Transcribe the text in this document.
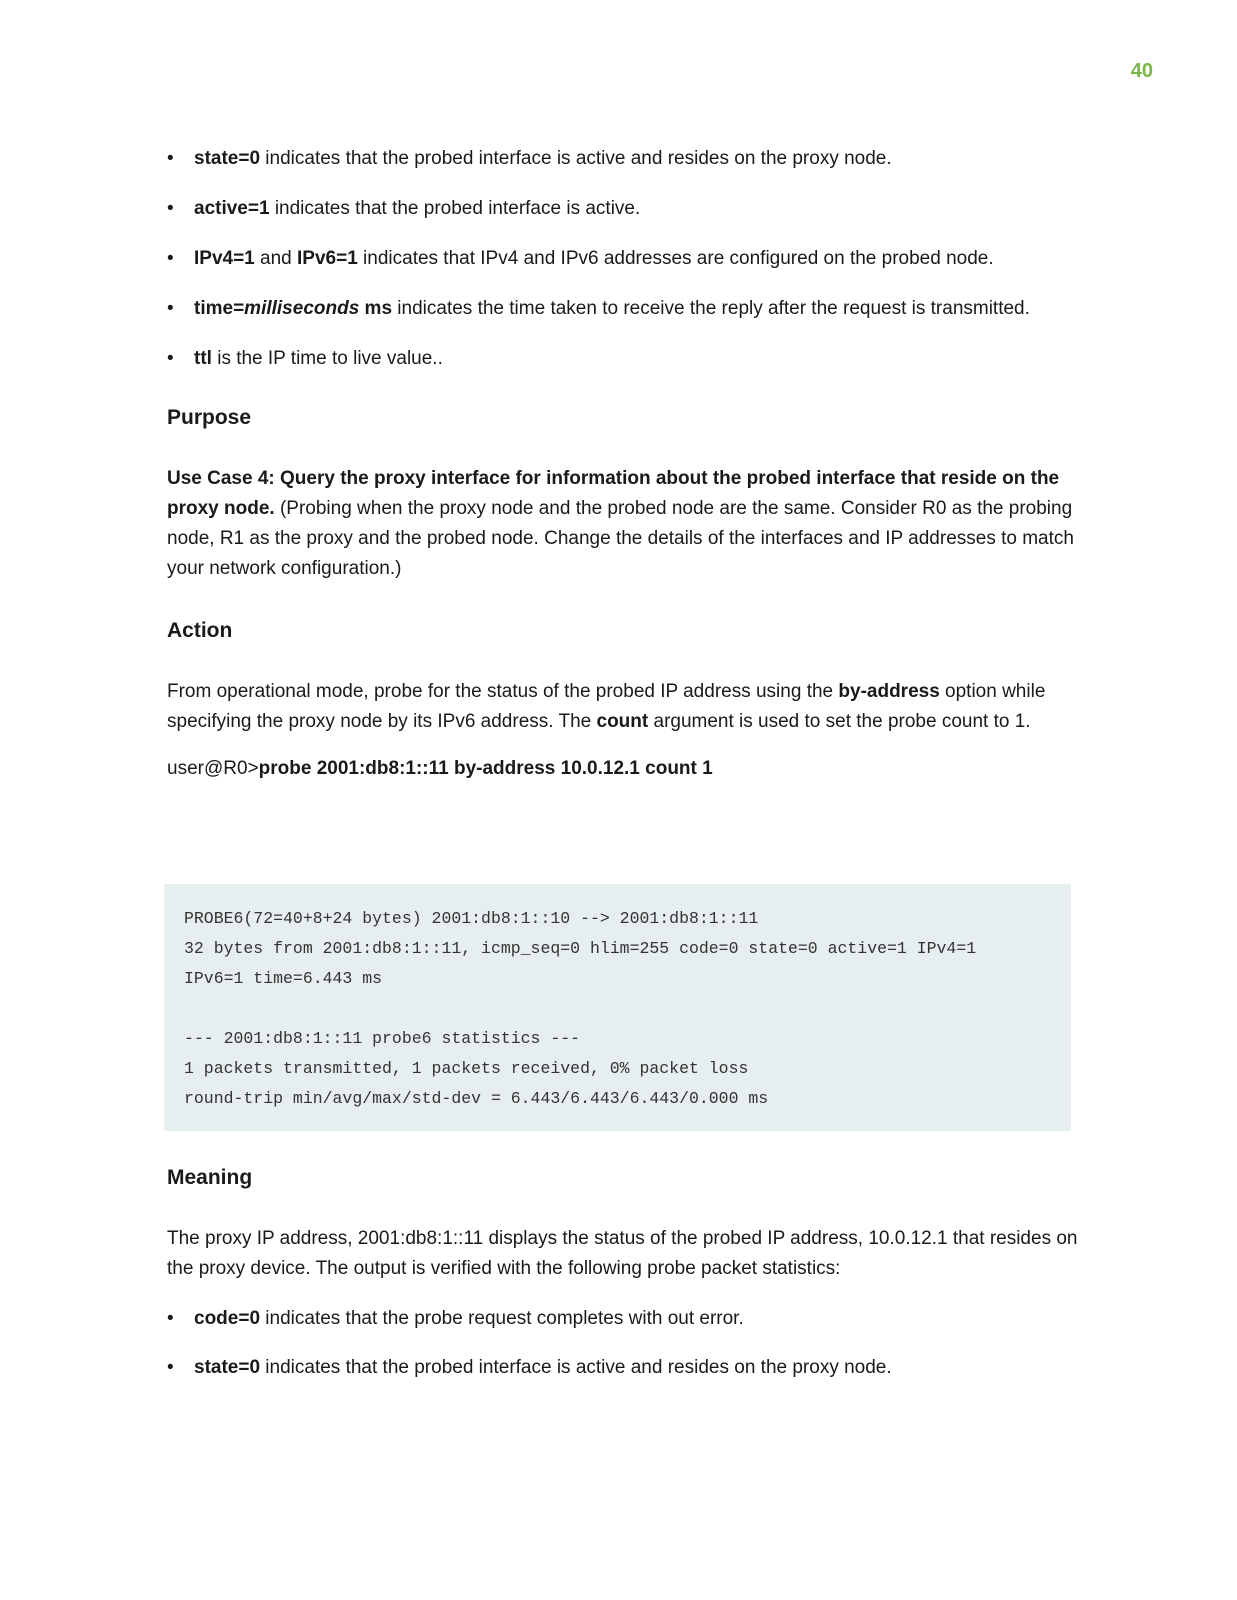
40
• state=0 indicates that the probed interface is active and resides on the proxy node.
• active=1 indicates that the probed interface is active.
• IPv4=1 and IPv6=1 indicates that IPv4 and IPv6 addresses are configured on the probed node.
• time=milliseconds ms indicates the time taken to receive the reply after the request is transmitted.
• ttl is the IP time to live value..
Purpose

Use Case 4: Query the proxy interface for information about the probed interface that reside on the proxy node. (Probing when the proxy node and the probed node are the same. Consider R0 as the probing node, R1 as the proxy and the probed node. Change the details of the interfaces and IP addresses to match your network configuration.)

Action

From operational mode, probe for the status of the probed IP address using the by-address option while specifying the proxy node by its IPv6 address. The count argument is used to set the probe count to 1.

user@R0>probe 2001:db8:1::11 by-address 10.0.12.1 count 1
Meaning

The proxy IP address, 2001:db8:1::11 displays the status of the probed IP address, 10.0.12.1 that resides on the proxy device. The output is verified with the following probe packet statistics:

• code=0 indicates that the probe request completes with out error.
• state=0 indicates that the probed interface is active and resides on the proxy node.
PROBE6(72=40+8+24 bytes) 2001:db8:1::10 --> 2001:db8:1::11
32 bytes from 2001:db8:1::11, icmp_seq=0 hlim=255 code=0 state=0 active=1 IPv4=1
IPv6=1 time=6.443 ms
--- 2001:db8:1::11 probe6 statistics ---
1 packets transmitted, 1 packets received, 0% packet loss
round-trip min/avg/max/std-dev = 6.443/6.443/6.443/0.000 ms
